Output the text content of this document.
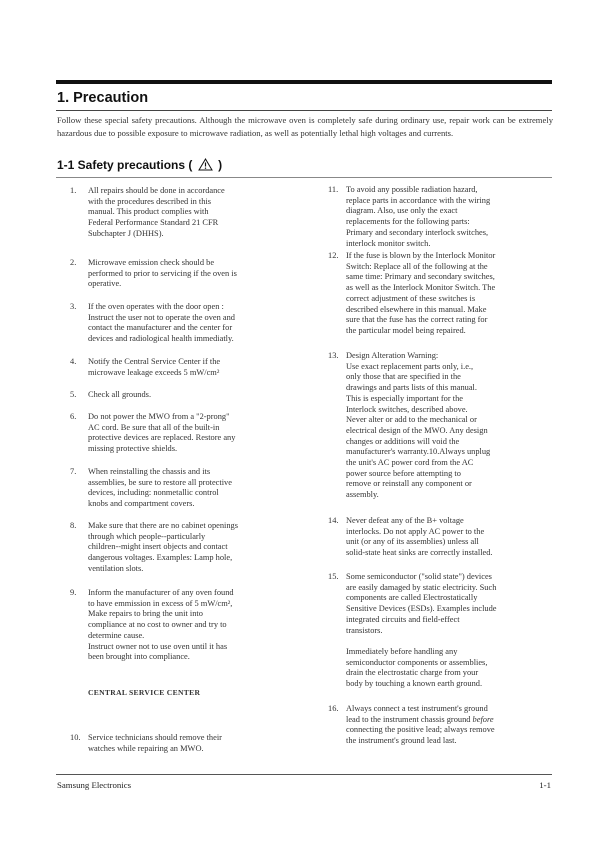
1. Precaution

Follow these special safety precautions. Although the microwave oven is completely safe during ordinary use, repair work can be extremely hazardous due to possible exposure to microwave radiation, as well as potentially lethal high voltages and currents.

1-1 Safety precautions ( )
1. All repairs should be done in accordance
with the procedures described in this
manual. This product complies with
Federal Performance Standard 21 CFR
Subchapter J (DHHS).
2. Microwave emission check should be
performed to prior to servicing if the oven is
operative.
3. If the oven operates with the door open :
Instruct the user not to operate the oven and
contact the manufacturer and the center for
devices and radiological health immediatly.
4. Notify the Central Service Center if the
microwave leakage exceeds 5 mW/cm²
5. Check all grounds.
6. Do not power the MWO from a "2-prong"
AC cord. Be sure that all of the built-in
protective devices are replaced. Restore any
missing protective shields.
7. When reinstalling the chassis and its
assemblies, be sure to restore all protective
devices, including: nonmetallic control
knobs and compartment covers.
8. Make sure that there are no cabinet openings
through which people--particularly
children--might insert objects and contact
dangerous voltages. Examples: Lamp hole,
ventilation slots.
9. Inform the manufacturer of any oven found
to have emmission in excess of 5 mW/cm²,
Make repairs to bring the unit into
compliance at no cost to owner and try to
determine cause.
Instruct owner not to use oven until it has
been brought into compliance.
10. Service technicians should remove their
watches while repairing an MWO.
CENTRAL SERVICE CENTER
11. To avoid any possible radiation hazard,
replace parts in accordance with the wiring
diagram. Also, use only the exact
replacements for the following parts:
Primary and secondary interlock switches,
interlock monitor switch.
12. If the fuse is blown by the Interlock Monitor
Switch: Replace all of the following at the
same time: Primary and secondary switches,
as well as the Interlock Monitor Switch. The
correct adjustment of these switches is
described elsewhere in this manual. Make
sure that the fuse has the correct rating for
the particular model being repaired.
13. Design Alteration Warning:
Use exact replacement parts only, i.e.,
only those that are specified in the
drawings and parts lists of this manual.
This is especially important for the
Interlock switches, described above.
Never alter or add to the mechanical or
electrical design of the MWO. Any design
changes or additions will void the
manufacturer's warranty.10.Always unplug
the unit's AC power cord from the AC
power source before attempting to
remove or reinstall any component or
assembly.
14. Never defeat any of the B+ voltage
interlocks. Do not apply AC power to the
unit (or any of its assemblies) unless all
solid-state heat sinks are correctly installed.
15. Some semiconductor ("solid state") devices
are easily damaged by static electricity. Such
components are called Electrostatically
Sensitive Devices (ESDs). Examples include
integrated circuits and field-effect
transistors.

Immediately before handling any
semiconductor components or assemblies,
drain the electrostatic charge from your
body by touching a known earth ground.
16. Always connect a test instrument's ground
lead to the instrument chassis ground before
connecting the positive lead; always remove
the instrument's ground lead last.
Samsung Electronics	1-1
